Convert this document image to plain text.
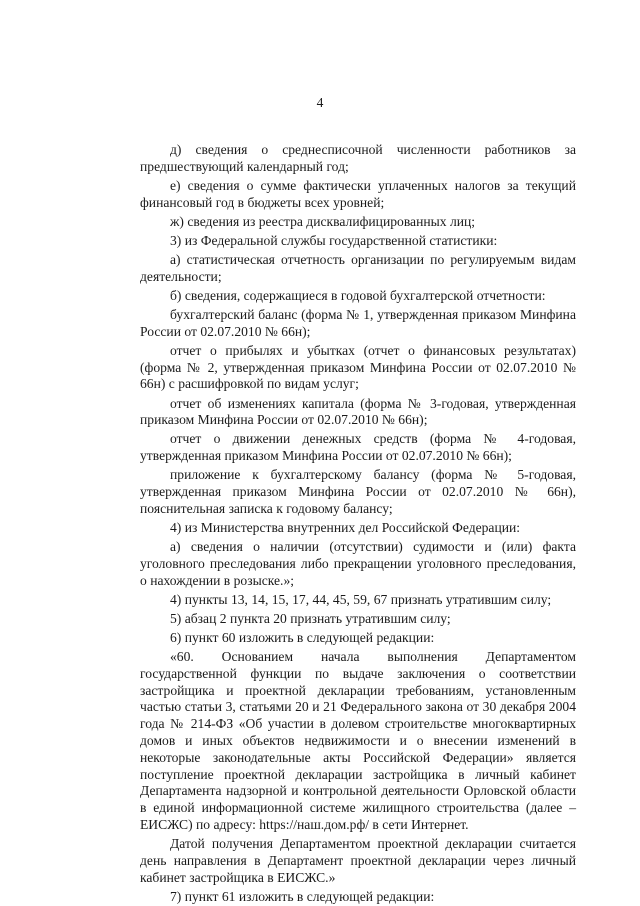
4

д) сведения о среднесписочной численности работников за предшествующий календарный год;

е) сведения о сумме фактически уплаченных налогов за текущий финансовый год в бюджеты всех уровней;

ж) сведения из реестра дисквалифицированных лиц;

3) из Федеральной службы государственной статистики:

а) статистическая отчетность организации по регулируемым видам деятельности;

б) сведения, содержащиеся в годовой бухгалтерской отчетности:

бухгалтерский баланс (форма № 1, утвержденная приказом Минфина России от 02.07.2010 № 66н);

отчет о прибылях и убытках (отчет о финансовых результатах) (форма № 2, утвержденная приказом Минфина России от 02.07.2010 № 66н) с расшифровкой по видам услуг;

отчет об изменениях капитала (форма № 3-годовая, утвержденная приказом Минфина России от 02.07.2010 № 66н);

отчет о движении денежных средств (форма № 4-годовая, утвержденная приказом Минфина России от 02.07.2010 № 66н);

приложение к бухгалтерскому балансу (форма № 5-годовая, утвержденная приказом Минфина России от 02.07.2010 № 66н), пояснительная записка к годовому балансу;

4) из Министерства внутренних дел Российской Федерации:

а) сведения о наличии (отсутствии) судимости и (или) факта уголовного преследования либо прекращении уголовного преследования, о нахождении в розыске.»;

4) пункты 13, 14, 15, 17, 44, 45, 59, 67 признать утратившим силу;

5) абзац 2 пункта 20 признать утратившим силу;

6) пункт 60 изложить в следующей редакции:

«60. Основанием начала выполнения Департаментом государственной функции по выдаче заключения о соответствии застройщика и проектной декларации требованиям, установленным частью статьи 3, статьями 20 и 21 Федерального закона от 30 декабря 2004 года № 214-ФЗ «Об участии в долевом строительстве многоквартирных домов и иных объектов недвижимости и о внесении изменений в некоторые законодательные акты Российской Федерации» является поступление проектной декларации застройщика в личный кабинет Департамента надзорной и контрольной деятельности Орловской области в единой информационной системе жилищного строительства (далее – ЕИСЖС) по адресу: https://наш.дом.рф/ в сети Интернет.

Датой получения Департаментом проектной декларации считается день направления в Департамент проектной декларации через личный кабинет застройщика в ЕИСЖС.»

7) пункт 61 изложить в следующей редакции:
